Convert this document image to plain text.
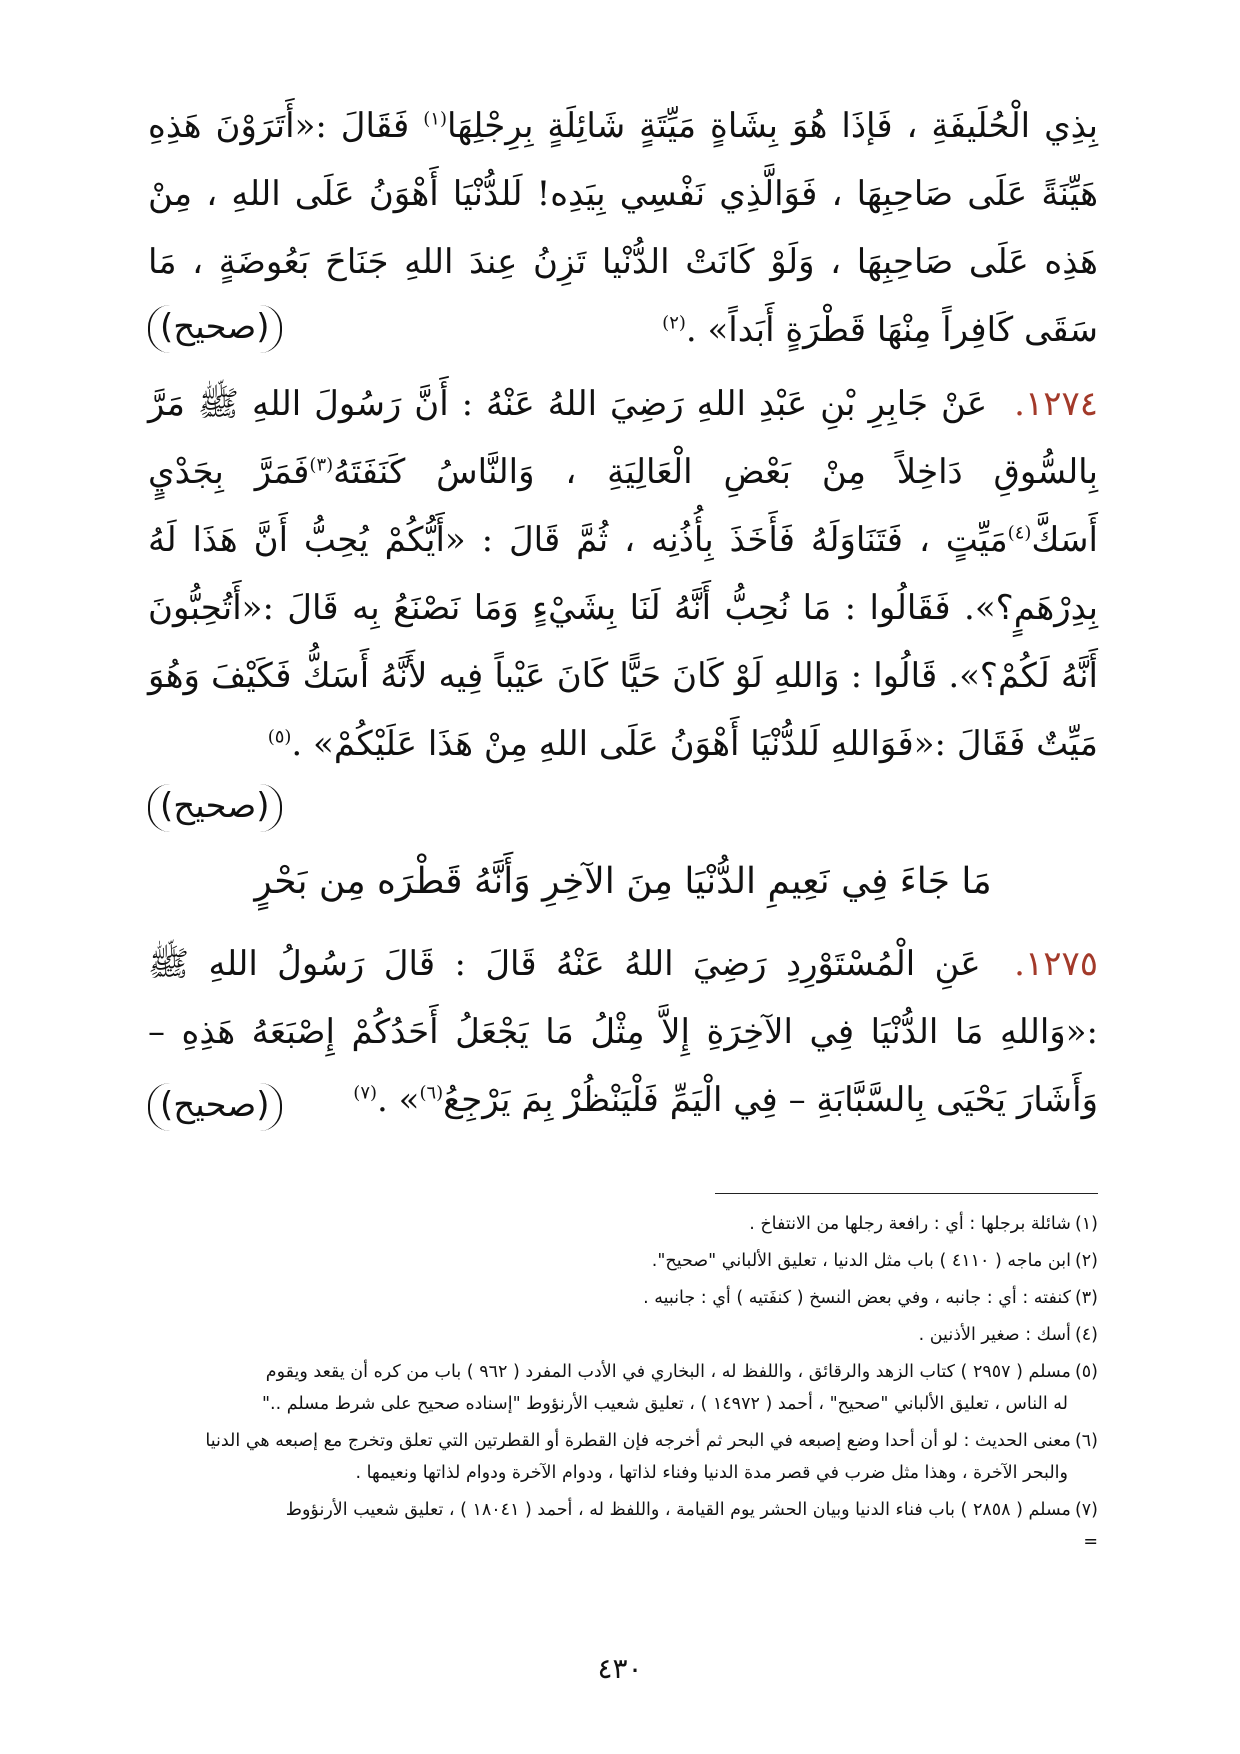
بِذِي الْحُلَيفَةِ ، فَإذَا هُوَ بِشَاةٍ مَيِّتَةٍ شَائِلَةٍ بِرِجْلِهَا$^{(١)}$ فَقَالَ :«أَتَرَوْنَ هَذِهِ هَيِّنَةً عَلَى صَاحِبِهَا ، فَوَالَّذِي نَفْسِي بِيَدِه! لَلدُّنْيَا أَهْوَنُ عَلَى اللهِ ، مِنْ هَذِه عَلَى صَاحِبِهَا ، وَلَوْ كَانَتْ الدُّنْيا تَزِنُ عِندَ اللهِ جَنَاحَ بَعُوضَةٍ ، مَا سَقَى كَافِراً مِنْهَا قَطْرَةٍ أَبَداً» .$^{(٢)}$

(صحيح)

١٢٧٤. عَنْ جَابِرِ بْنِ عَبْدِ اللهِ رَضِيَ اللهُ عَنْهُ : أَنَّ رَسُولَ اللهِ ﷺ مَرَّ بِالسُّوقِ دَاخِلاً مِنْ بَعْضِ الْعَالِيَةِ ، وَالنَّاسُ كَنَفَتَهُ$^{(٣)}$فَمَرَّ بِجَدْيٍ أَسَكَّ$^{(٤)}$مَيِّتٍ ، فَتَنَاوَلَهُ فَأَخَذَ بِأُذُنِه ، ثُمَّ قَالَ : «أَيُّكُمْ يُحِبُّ أَنَّ هَذَا لَهُ بِدِرْهَمٍ؟». فَقَالُوا : مَا نُحِبُّ أَنَّهُ لَنَا بِشَيْءٍ وَمَا نَصْنَعُ بِه قَالَ :«أَتُحِبُّونَ أَنَّهُ لَكُمْ؟». قَالُوا : وَاللهِ لَوْ كَانَ حَيًّا كَانَ عَيْباً فِيه لأَنَّهُ أَسَكُّ فَكَيْفَ وَهُوَ مَيِّتٌ فَقَالَ :«فَوَاللهِ لَلدُّنْيَا أَهْوَنُ عَلَى اللهِ مِنْ هَذَا عَلَيْكُمْ» .$^{(٥)}$

(صحيح)
مَا جَاءَ فِي نَعِيمِ الدُّنْيَا مِنَ الآخِرِ وَأَنَّهُ قَطْرَه مِن بَحْرٍ

١٢٧٥. عَنِ الْمُسْتَوْرِدِ رَضِيَ اللهُ عَنْهُ قَالَ : قَالَ رَسُولُ اللهِ ﷺ :«وَاللهِ مَا الدُّنْيَا فِي الآخِرَةِ إِلاَّ مِثْلُ مَا يَجْعَلُ أَحَدُكُمْ إِصْبَعَهُ هَذِهِ – وَأَشَارَ يَحْيَى بِالسَّبَّابَةِ – فِي الْيَمِّ فَلْيَنْظُرْ بِمَ يَرْجِعُ$^{(٦)}$» .$^{(٧)}$

(صحيح)

(١)شائلة برجلها : أي : رافعة رجلها من الانتفاخ .

(٢)ابن ماجه ( ٤١١٠ ) باب مثل الدنيا ، تعليق الألباني "صحيح".

(٣)كنفته : أي : جانبه ، وفي بعض النسخ ( كنفَتيه ) أي : جانبيه .

(٤)أسك : صغير الأذنين .

(٥)مسلم ( ٢٩٥٧ ) كتاب الزهد والرقائق ، واللفظ له ، البخاري في الأدب المفرد ( ٩٦٢ ) باب من كره أن يقعد ويقوم
له الناس ، تعليق الألباني "صحيح" ، أحمد ( ١٤٩٧٢ ) ، تعليق شعيب الأرنؤوط "إسناده صحيح على شرط مسلم .."

(٦)معنى الحديث : لو أن أحدا وضع إصبعه في البحر ثم أخرجه فإن القطرة أو القطرتين التي تعلق وتخرج مع إصبعه هي الدنيا
والبحر الآخرة ، وهذا مثل ضرب في قصر مدة الدنيا وفناء لذاتها ، ودوام الآخرة ودوام لذاتها ونعيمها .

(٧)مسلم ( ٢٨٥٨ ) باب فناء الدنيا وبيان الحشر يوم القيامة ، واللفظ له ، أحمد ( ١٨٠٤١ ) ، تعليق شعيب الأرنؤوط
=

٤٣٠
